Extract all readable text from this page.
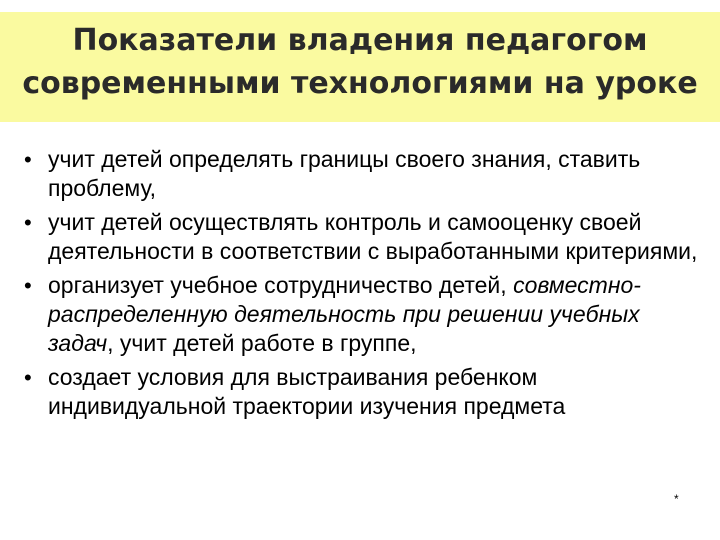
Показатели владения педагогом
современными технологиями на уроке
• учит детей определять границы своего знания, ставить проблему,
• учит детей осуществлять контроль и самооценку своей деятельности в соответствии с выработанными критериями,
• организует учебное сотрудничество детей, совместно-распределенную деятельность при решении учебных задач, учит детей работе в группе,
• создает условия для выстраивания ребенком индивидуальной траектории изучения предмета
*
